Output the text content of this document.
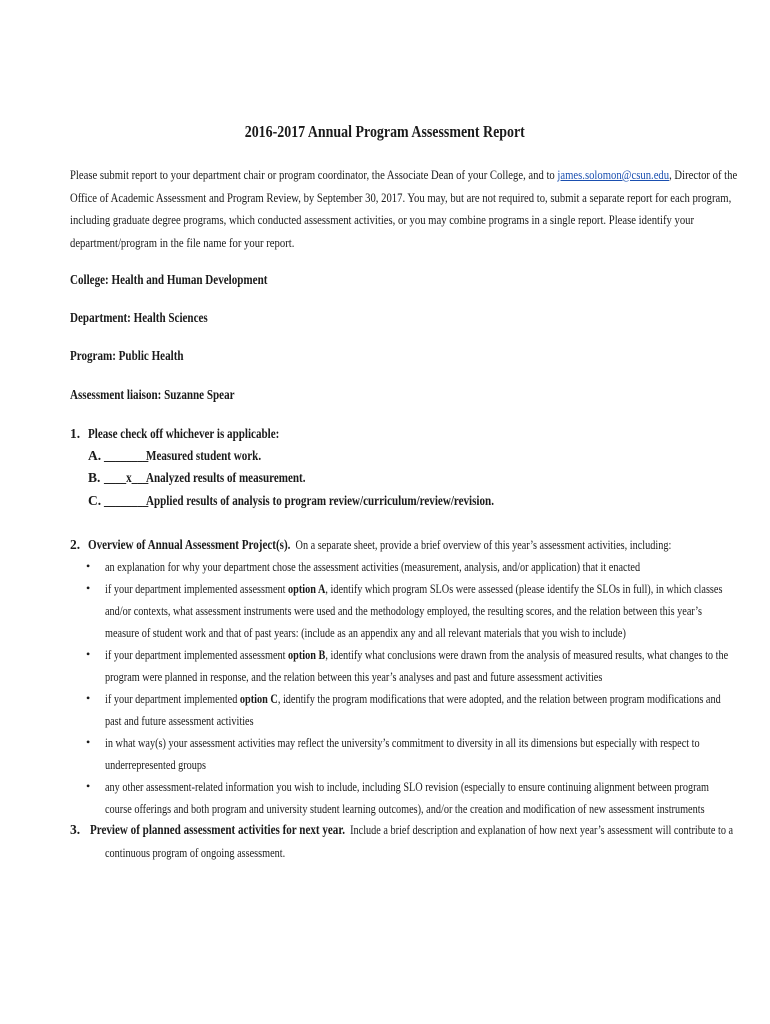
2016-2017 Annual Program Assessment Report
Please submit report to your department chair or program coordinator, the Associate Dean of your College, and to james.solomon@csun.edu, Director of the
Office of Academic Assessment and Program Review, by September 30, 2017. You may, but are not required to, submit a separate report for each program,
including graduate degree programs, which conducted assessment activities, or you may combine programs in a single report. Please identify your
department/program in the file name for your report.
College: Health and Human Development
Department: Health Sciences
Program: Public Health
Assessment liaison: Suzanne Spear
1. Please check off whichever is applicable:
A. ________
Measured student work.
B. ____x___
Analyzed results of measurement.
C. ________
Applied results of analysis to program review/curriculum/review/revision.
2. Overview of Annual Assessment Project(s). On a separate sheet, provide a brief overview of this year’s assessment activities, including:
• an explanation for why your department chose the assessment activities (measurement, analysis, and/or application) that it enacted
• if your department implemented assessment option A, identify which program SLOs were assessed (please identify the SLOs in full), in which classes
and/or contexts, what assessment instruments were used and the methodology employed, the resulting scores, and the relation between this year’s
measure of student work and that of past years: (include as an appendix any and all relevant materials that you wish to include)
• if your department implemented assessment option B, identify what conclusions were drawn from the analysis of measured results, what changes to the
program were planned in response, and the relation between this year’s analyses and past and future assessment activities
• if your department implemented option C, identify the program modifications that were adopted, and the relation between program modifications and
past and future assessment activities
• in what way(s) your assessment activities may reflect the university’s commitment to diversity in all its dimensions but especially with respect to
underrepresented groups
• any other assessment-related information you wish to include, including SLO revision (especially to ensure continuing alignment between program
course offerings and both program and university student learning outcomes), and/or the creation and modification of new assessment instruments
3. Preview of planned assessment activities for next year. Include a brief description and explanation of how next year’s assessment will contribute to a
continuous program of ongoing assessment.
